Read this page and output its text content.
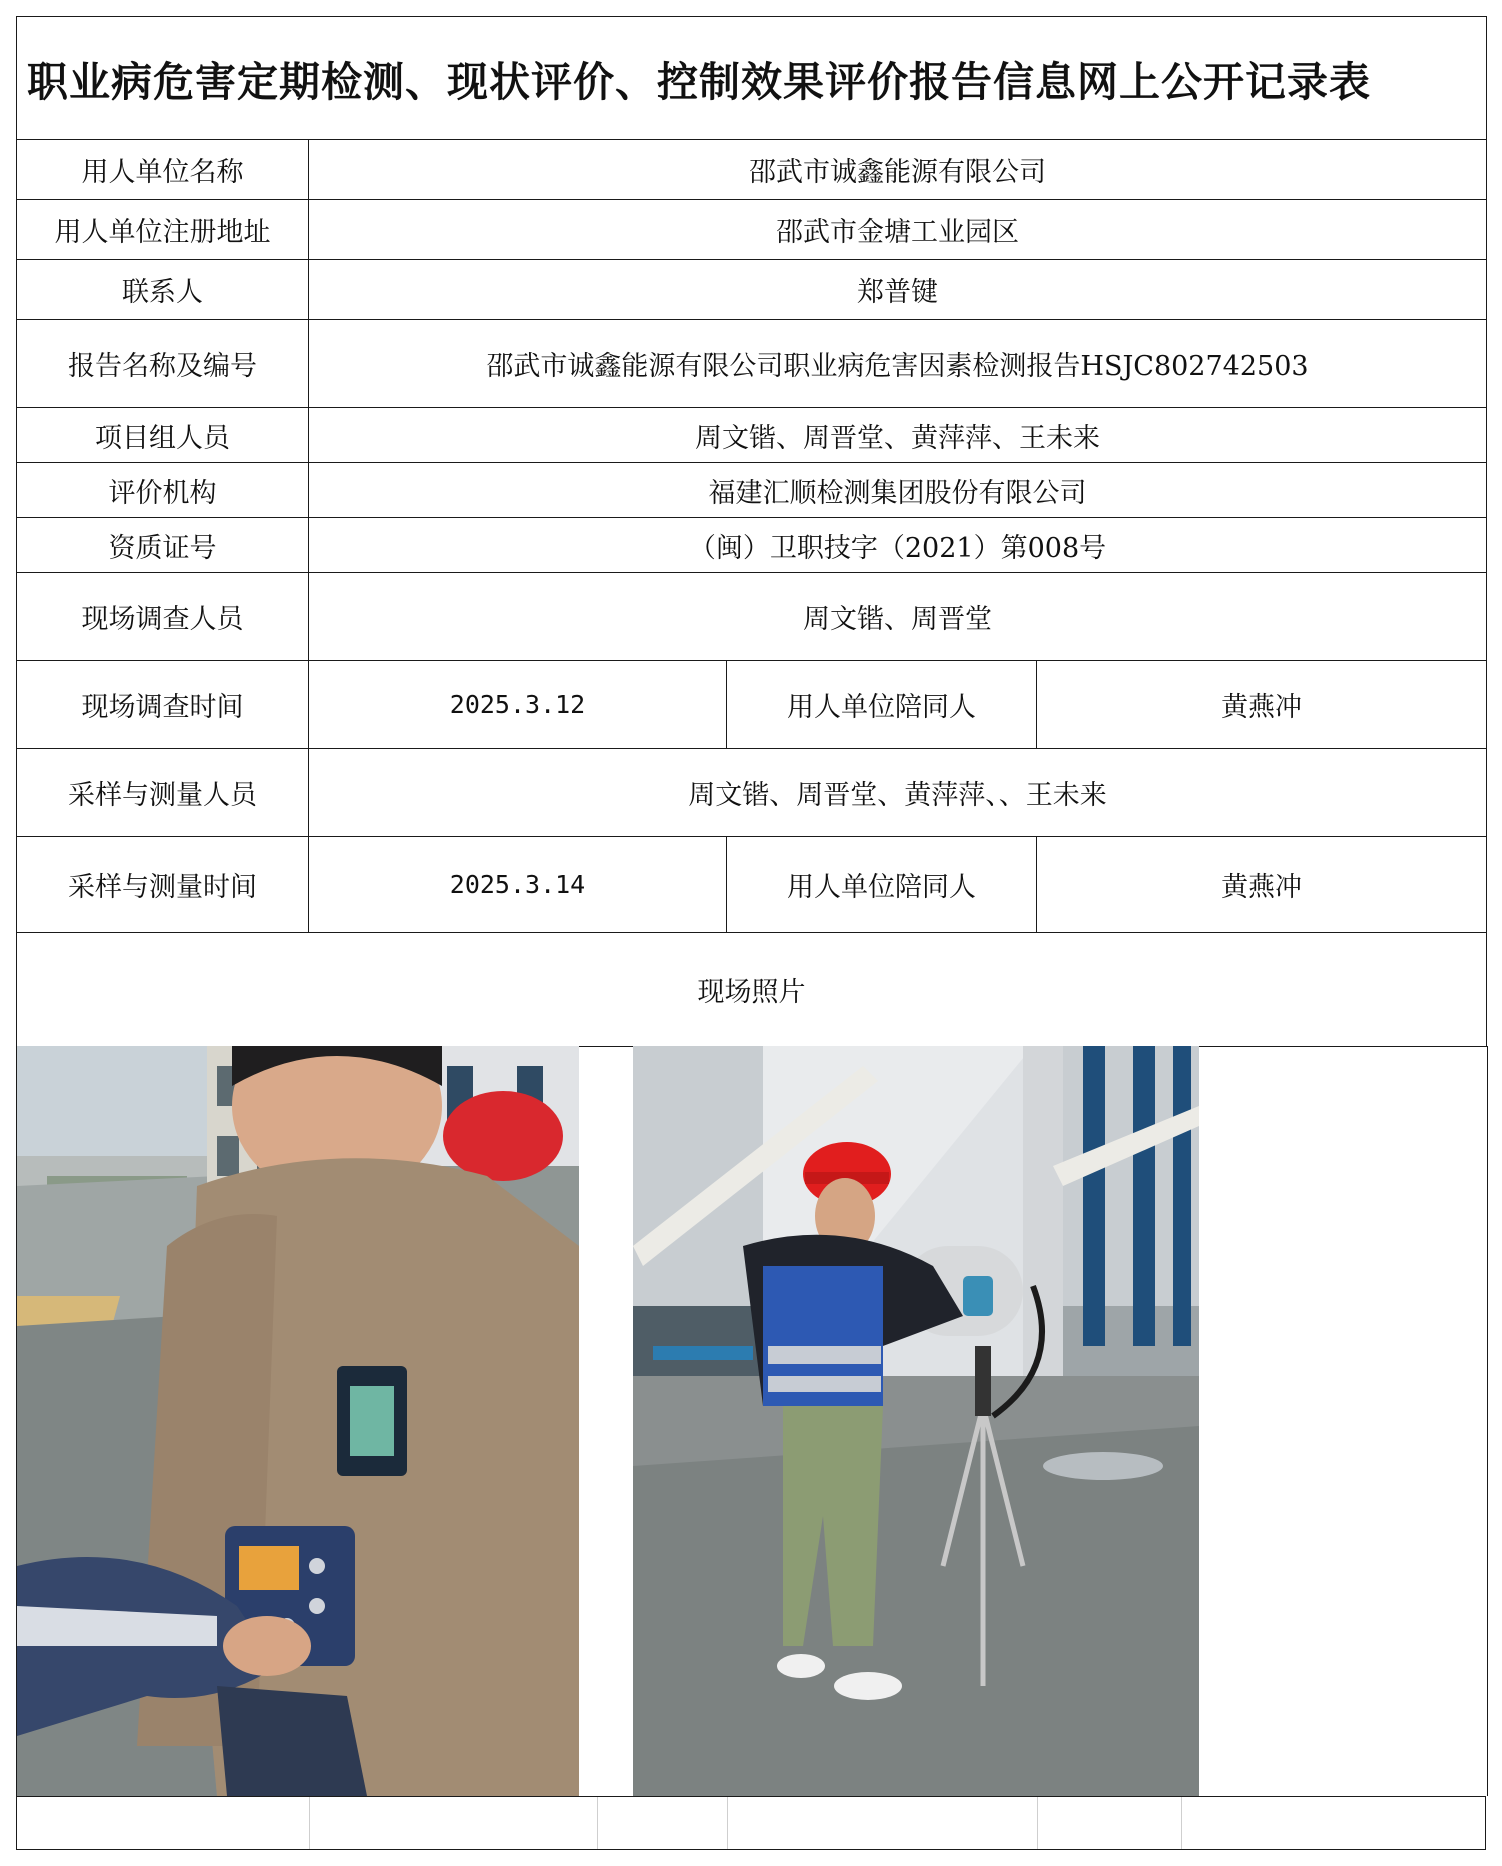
职业病危害定期检测、现状评价、控制效果评价报告信息网上公开记录表			
用人单位名称	邵武市诚鑫能源有限公司		
用人单位注册地址	邵武市金塘工业园区		
联系人	郑普键		
报告名称及编号	邵武市诚鑫能源有限公司职业病危害因素检测报告HSJC802742503		
项目组人员	周文锴、周晋堂、黄萍萍、王未来		
评价机构	福建汇顺检测集团股份有限公司		
资质证号	（闽）卫职技字（2021）第008号		
现场调查人员	周文锴、周晋堂		
现场调查时间	2025.3.12	用人单位陪同人	黄燕冲
采样与测量人员	周文锴、周晋堂、黄萍萍、、王未来		
采样与测量时间	2025.3.14	用人单位陪同人	黄燕冲
现场照片			
